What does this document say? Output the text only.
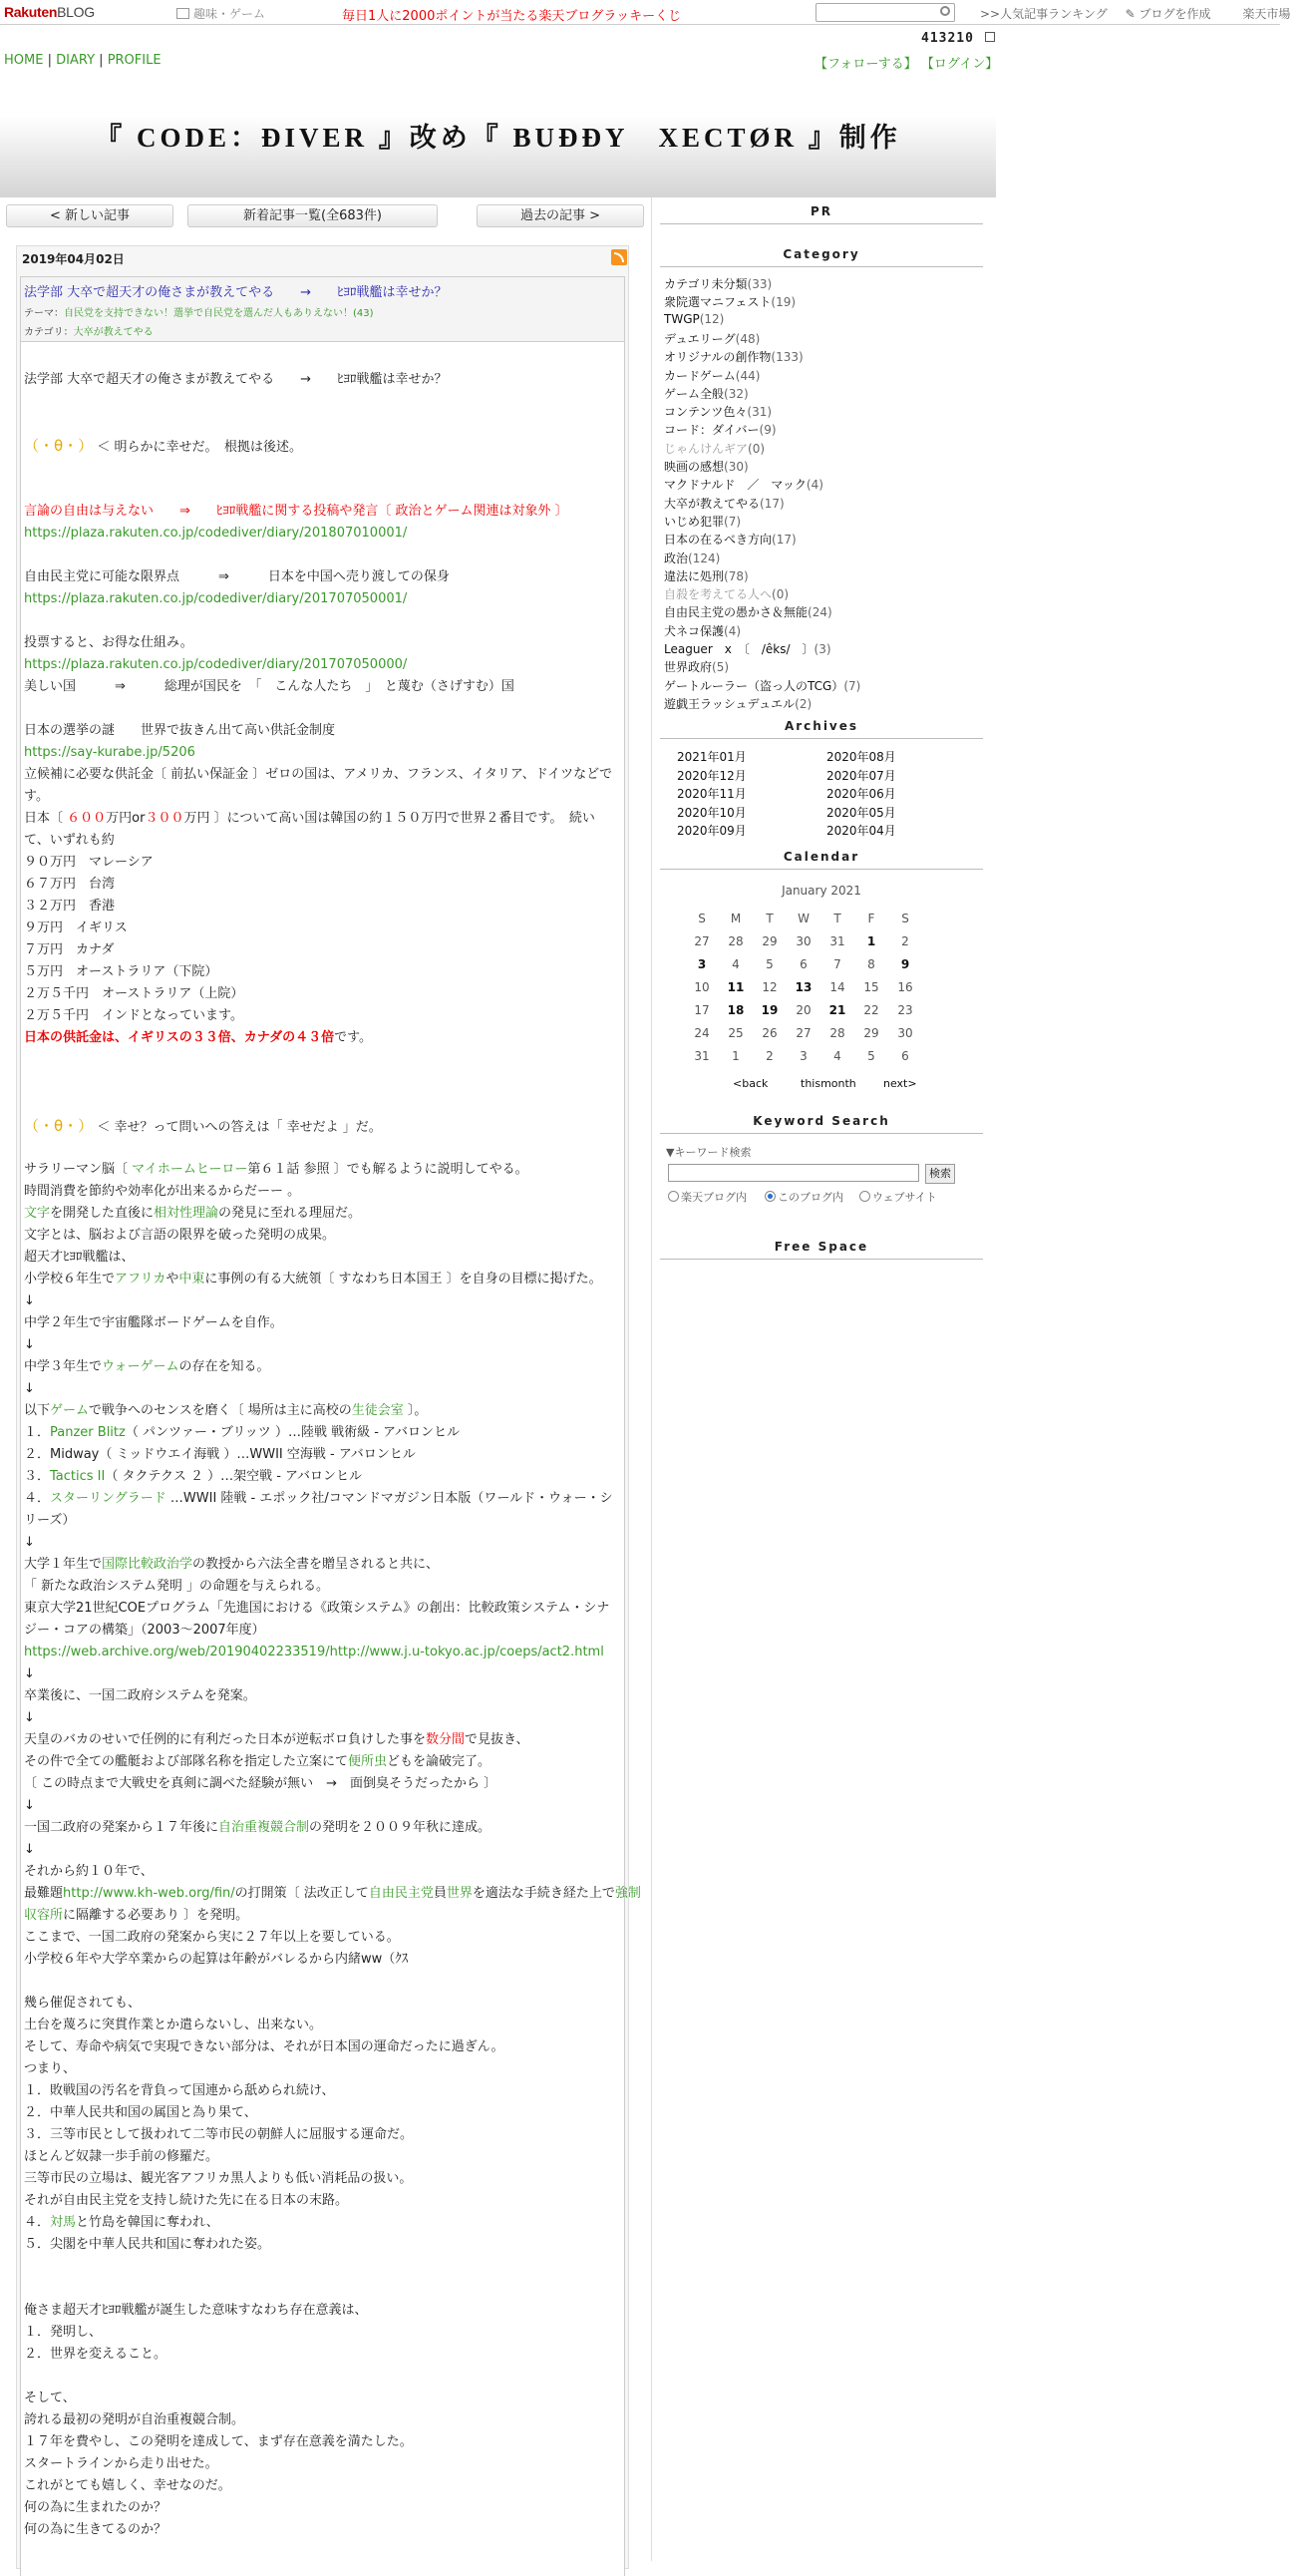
RakutenBLOG	趣味・ゲーム	毎日1人に2000ポイントが当たる楽天ブログラッキーくじ	>>人気記事ランキング ✎ ブログを作成	楽天市場
413210
HOME | DIARY | PROFILE	【フォローする】 【ログイン】
『 CODE：ÐIVER 』改め『 BUÐÐY　XECTØR 』制作
< 新しい記事	新着記事一覧(全683件)	過去の記事 >
2019年04月02日
法学部 大卒で超天才の俺さまが教えてやる　　→　　ﾋﾖﾛ戦艦は幸せか？
テーマ：自民党を支持できない！選挙で自民党を選んだ人もありえない！(43)
カテゴリ：大卒が教えてやる
法学部 大卒で超天才の俺さまが教えてやる　　→　　ﾋﾖﾛ戦艦は幸せか？
（・θ・） ＜ 明らかに幸せだ。　根拠は後述。
言論の自由は与えない　　⇒　　ﾋﾖﾛ戦艦に関する投稿や発言〔 政治とゲーム関連は対象外 〕
https://plaza.rakuten.co.jp/codediver/diary/201807010001/
自由民主党に可能な限界点　　　⇒　　　日本を中国へ売り渡しての保身
https://plaza.rakuten.co.jp/codediver/diary/201707050001/
投票すると、お得な仕組み。
https://plaza.rakuten.co.jp/codediver/diary/201707050000/
美しい国　　　⇒　　　総理が国民を　「　こんな人たち　」　と蔑む（さげすむ）国
日本の選挙の謎　　世界で抜きん出て高い供託金制度
https://say-kurabe.jp/5206
立候補に必要な供託金〔 前払い保証金 〕ゼロの国は、アメリカ、フランス、イタリア、ドイツなどで
す。
日本〔 ６００万円or３００万円 〕について高い国は韓国の約１５０万円で世界２番目です。　続い
て、いずれも約
９０万円　マレーシア
６７万円　台湾
３２万円　香港
９万円　イギリス
７万円　カナダ
５万円　オーストラリア（下院）
２万５千円　オーストラリア（上院）
２万５千円　インドとなっています。
日本の供託金は、イギリスの３３倍、カナダの４３倍です。
（・θ・） ＜ 幸せ？って問いへの答えは「 幸せだよ 」だ。
サラリーマン脳〔 マイホームヒーロー第６１話 参照 〕でも解るように説明してやる。
時間消費を節約や効率化が出来るからだーー 。
文字を開発した直後に相対性理論の発見に至れる理屈だ。
文字とは、脳および言語の限界を破った発明の成果。
超天才ﾋﾖﾛ戦艦は、
小学校６年生でアフリカや中東に事例の有る大統領〔 すなわち日本国王 〕を自身の目標に掲げた。
↓
中学２年生で宇宙艦隊ボードゲームを自作。
↓
中学３年生でウォーゲームの存在を知る。
↓
以下ゲームで戦争へのセンスを磨く〔 場所は主に高校の生徒会室 〕。
１．Panzer Blitz（ パンツァー・ブリッツ ）…陸戦 戦術級 - アバロンヒル
２．Midway（ ミッドウエイ海戦 ）…WWII 空海戦 - アバロンヒル
３．Tactics II（ タクテクス ２ ）…架空戦 - アバロンヒル
４．スターリングラード …WWII 陸戦 - エポック社/コマンドマガジン日本版（ワールド・ウォー・シ
リーズ）
↓
大学１年生で国際比較政治学の教授から六法全書を贈呈されると共に、
「 新たな政治システム発明 」の命題を与えられる。
東京大学21世紀COEプログラム「先進国における《政策システム》の創出：比較政策システム・シナ
ジー・コアの構築」（2003～2007年度）
https://web.archive.org/web/20190402233519/http://www.j.u-tokyo.ac.jp/coeps/act2.html
↓
卒業後に、一国二政府システムを発案。
↓
天皇のバカのせいで任例的に有利だった日本が逆転ボロ負けした事を数分間で見抜き、
その件で全ての艦艇および部隊名称を指定した立案にて便所虫どもを論破完了。
〔 この時点まで大戦史を真剣に調べた経験が無い　→　面倒臭そうだったから 〕
↓
一国二政府の発案から１７年後に自治重複競合制の発明を２００９年秋に達成。
↓
それから約１０年で、
最難題http://www.kh-web.org/fin/の打開策〔 法改正して自由民主党員世界を適法な手続き経た上で強制
収容所に隔離する必要あり 〕を発明。
ここまで、一国二政府の発案から実に２７年以上を要している。
小学校６年や大学卒業からの起算は年齢がバレるから内緒ww（ｸｽ
幾ら催促されても、
土台を蔑ろに突貫作業とか遣らないし、出来ない。
そして、寿命や病気で実現できない部分は、それが日本国の運命だったに過ぎん。
つまり、
１．敗戦国の汚名を背負って国連から舐められ続け、
２．中華人民共和国の属国と為り果て、
３．三等市民として扱われて二等市民の朝鮮人に屈服する運命だ。
ほとんど奴隷一歩手前の修羅だ。
三等市民の立場は、観光客アフリカ黒人よりも低い消耗品の扱い。
それが自由民主党を支持し続けた先に在る日本の末路。
４．対馬と竹島を韓国に奪われ、
５．尖閣を中華人民共和国に奪われた姿。
俺さま超天才ﾋﾖﾛ戦艦が誕生した意味すなわち存在意義は、
１．発明し、
２．世界を変えること。
そして、
誇れる最初の発明が自治重複競合制。
１７年を費やし、この発明を達成して、まず存在意義を満たした。
スタートラインから走り出せた。
これがとても嬉しく、幸せなのだ。
何の為に生まれたのか？
何の為に生きてるのか？
PR
Category
カテゴリ未分類(33)
衆院選マニフェスト(19)
TWGP(12)
デュエリーグ(48)
オリジナルの創作物(133)
カードゲーム(44)
ゲーム全般(32)
コンテンツ色々(31)
コード：ダイバー(9)
じゃんけんギア(0)
映画の感想(30)
マクドナルド　／　マック(4)
大卒が教えてやる(17)
いじめ犯罪(7)
日本の在るべき方向(17)
政治(124)
違法に処刑(78)
自殺を考えてる人へ(0)
自由民主党の愚かさ＆無能(24)
犬ネコ保護(4)
Leaguer　x　〔　/êks/　〕(3)
世界政府(5)
ゲートルーラー（盗っ人のTCG）(7)
遊戯王ラッシュデュエル(2)
Archives
2021年01月	2020年08月
2020年12月	2020年07月
2020年11月	2020年06月
2020年10月	2020年05月
2020年09月	2020年04月
Calendar
January 2021
S	M	T	W	T	F	S
27	28	29	30	31	1	2
3	4	5	6	7	8	9
10	11	12	13	14	15	16
17	18	19	20	21	22	23
24	25	26	27	28	29	30
31	1	2	3	4	5	6
<back	thismonth next>
Keyword Search
▼キーワード検索
検索
楽天ブログ内	このブログ内	ウェブサイト
Free Space
